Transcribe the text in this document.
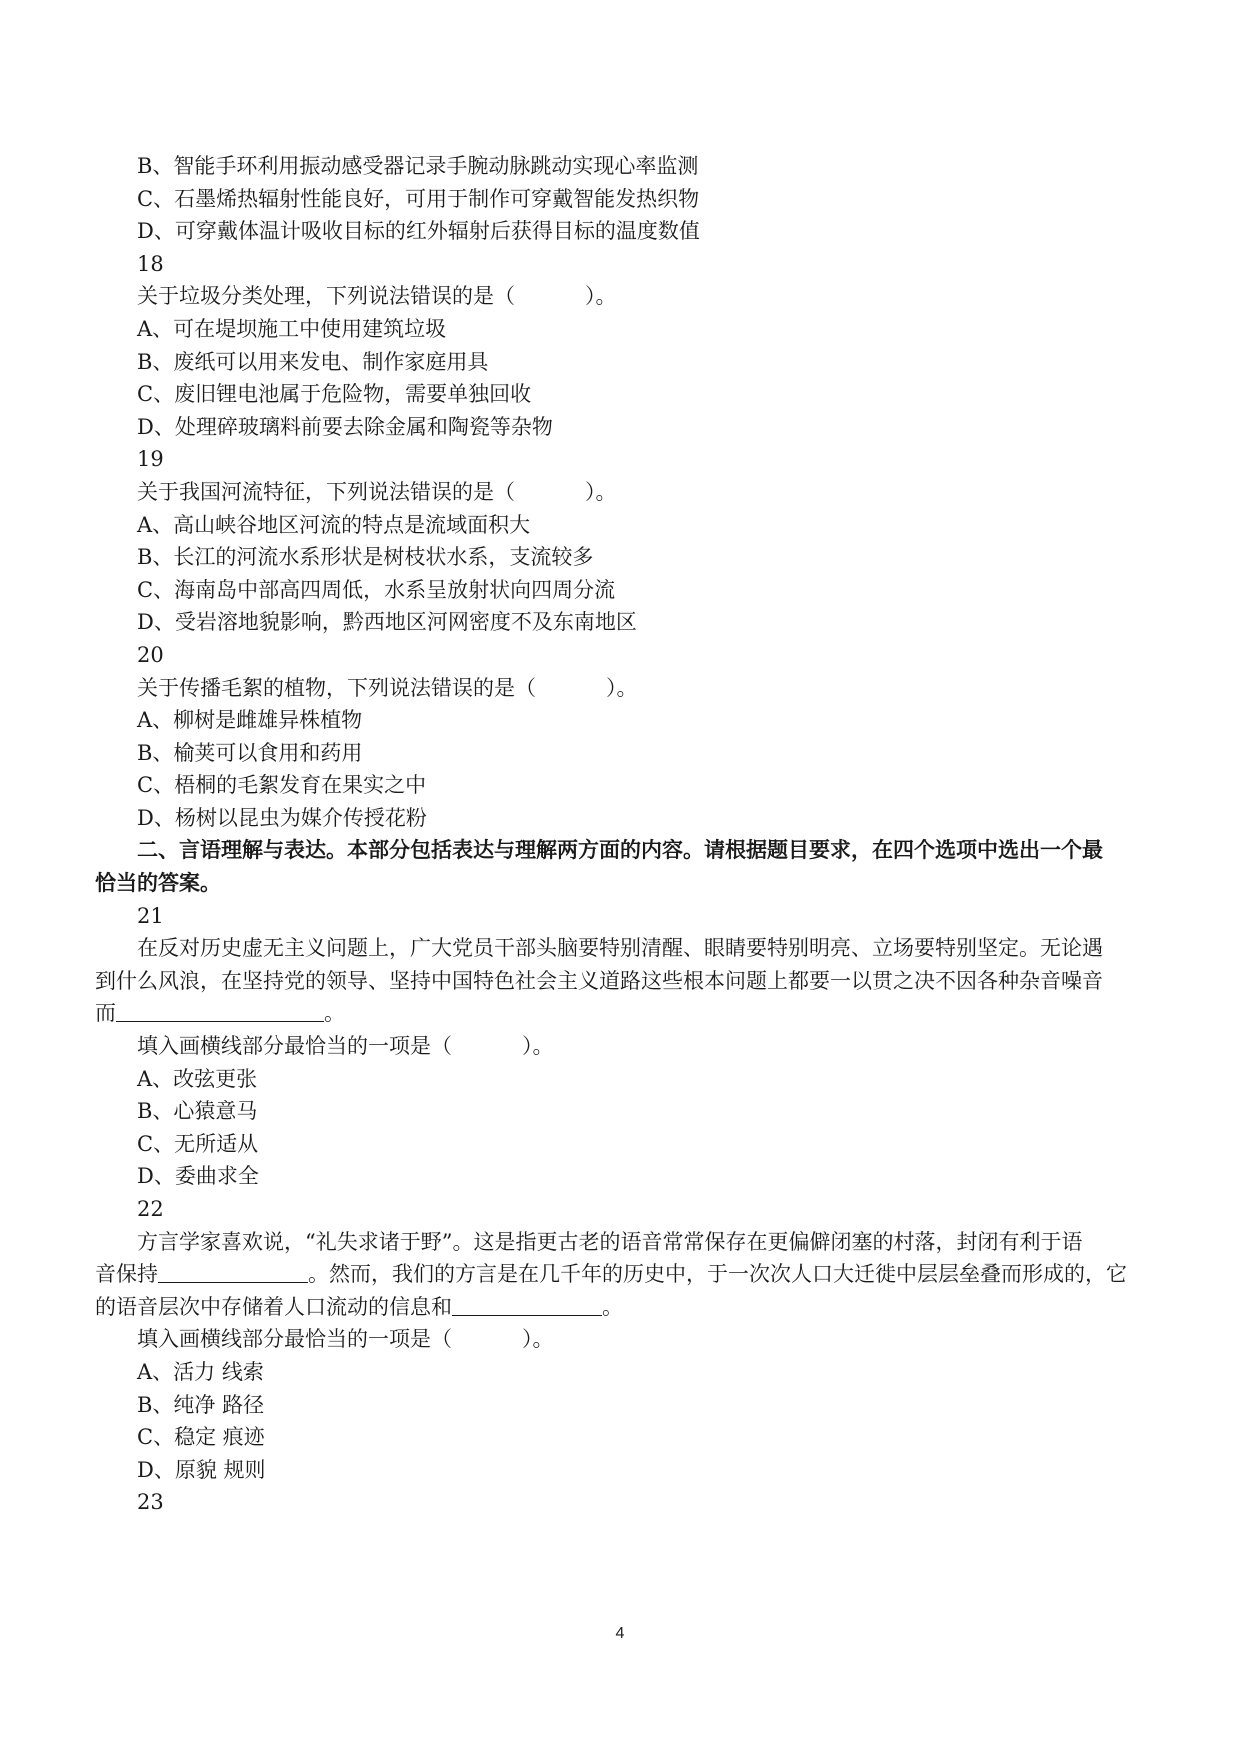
B、智能手环利用振动感受器记录手腕动脉跳动实现心率监测
C、石墨烯热辐射性能良好，可用于制作可穿戴智能发热织物
D、可穿戴体温计吸收目标的红外辐射后获得目标的温度数值
18
关于垃圾分类处理，下列说法错误的是（	）。
A、可在堤坝施工中使用建筑垃圾
B、废纸可以用来发电、制作家庭用具
C、废旧锂电池属于危险物，需要单独回收
D、处理碎玻璃料前要去除金属和陶瓷等杂物
19
关于我国河流特征，下列说法错误的是（	）。
A、高山峡谷地区河流的特点是流域面积大
B、长江的河流水系形状是树枝状水系，支流较多
C、海南岛中部高四周低，水系呈放射状向四周分流
D、受岩溶地貌影响，黔西地区河网密度不及东南地区
20
关于传播毛絮的植物，下列说法错误的是（	）。
A、柳树是雌雄异株植物
B、榆荚可以食用和药用
C、梧桐的毛絮发育在果实之中
D、杨树以昆虫为媒介传授花粉
二、言语理解与表达。本部分包括表达与理解两方面的内容。请根据题目要求，在四个选项中选出一个最
恰当的答案。
21
在反对历史虚无主义问题上，广大党员干部头脑要特别清醒、眼睛要特别明亮、立场要特别坚定。无论遇
到什么风浪，在坚持党的领导、坚持中国特色社会主义道路这些根本问题上都要一以贯之决不因各种杂音噪音
而	。
填入画横线部分最恰当的一项是（	）。
A、改弦更张
B、心猿意马
C、无所适从
D、委曲求全
22
方言学家喜欢说，“礼失求诸于野”。这是指更古老的语音常常保存在更偏僻闭塞的村落，封闭有利于语
音保持	。然而，我们的方言是在几千年的历史中，于一次次人口大迁徙中层层垒叠而形成的，它
的语音层次中存储着人口流动的信息和	。
填入画横线部分最恰当的一项是（	）。
A、活力 线索
B、纯净 路径
C、稳定 痕迹
D、原貌 规则
23
4
